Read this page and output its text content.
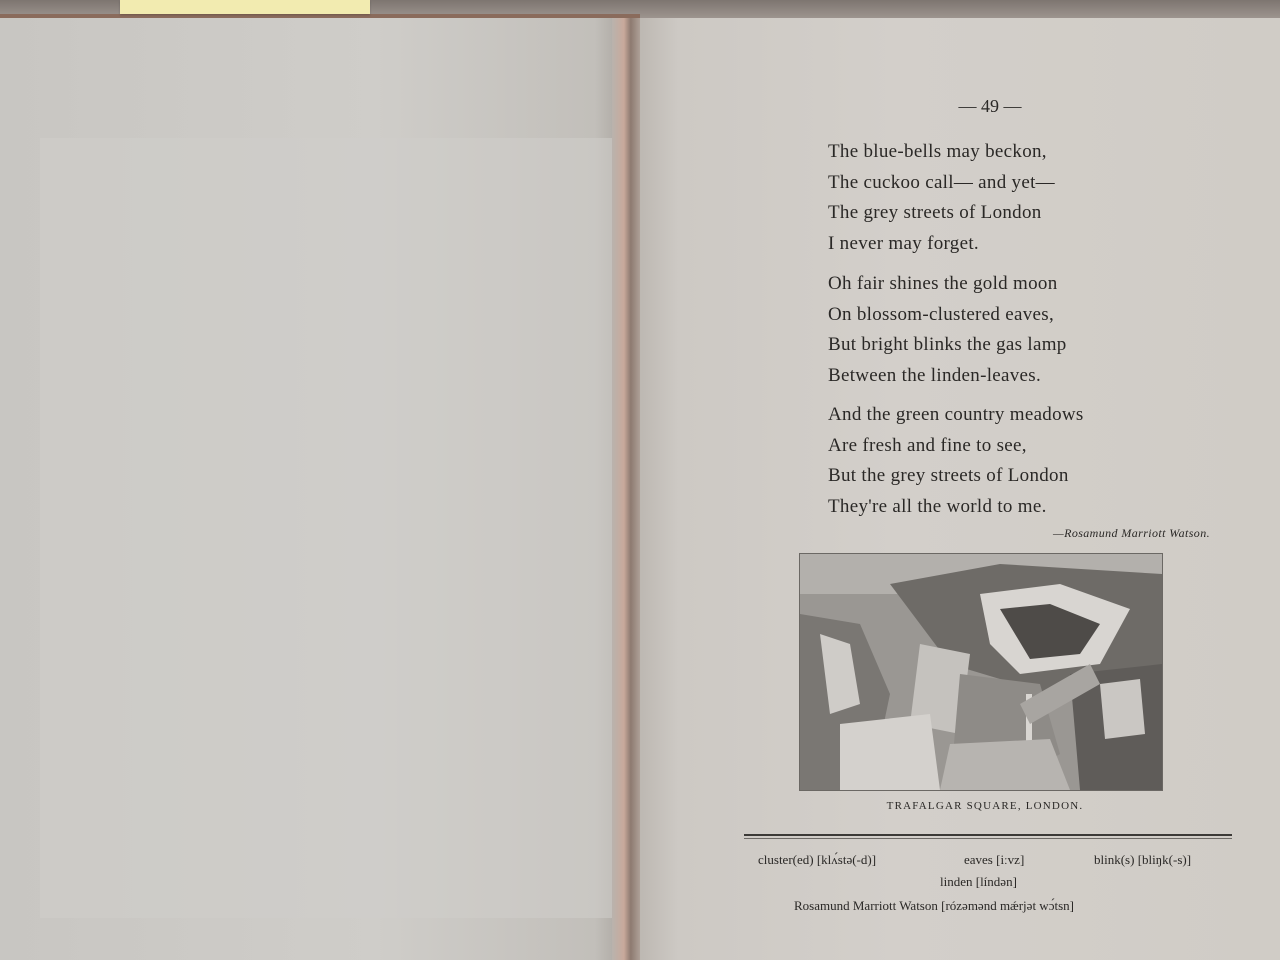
— 49 —
The blue-bells may beckon,
The cuckoo call— and yet—
The grey streets of London
I never may forget.
Oh fair shines the gold moon
On blossom-clustered eaves,
But bright blinks the gas lamp
Between the linden-leaves.
And the green country meadows
Are fresh and fine to see,
But the grey streets of London
They're all the world to me.
—Rosamund Marriott Watson.
TRAFALGAR SQUARE, LONDON.
cluster(ed) [klʌ́stə(-d)]	eaves [iːvz]	blink(s) [bliŋk(-s)]
linden [líndən]
Rosamund Marriott Watson [rózəmənd mǽrjət wɔ́tsn]
